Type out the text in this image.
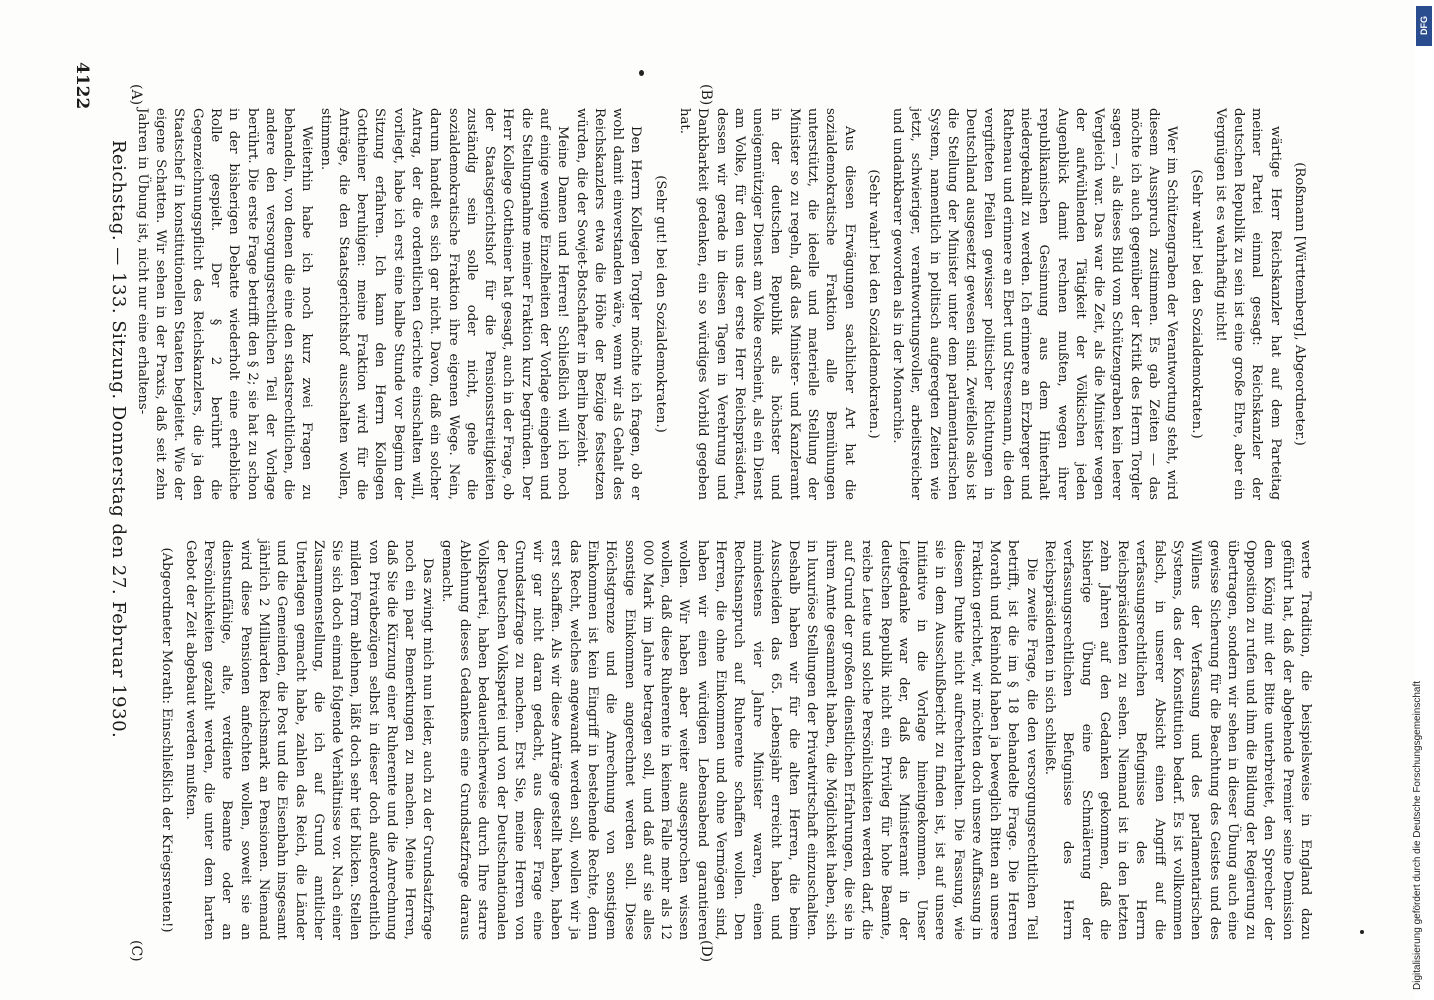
4122

(Roßmann [Württemberg], Abgeordneter.)

wärtige Herr Reichskanzler hat auf dem Parteitag meiner Partei einmal gesagt: Reichskanzler der deutschen Republik zu sein ist eine große Ehre, aber ein Vergnügen ist es wahrhaftig nicht!

(Sehr wahr! bei den Sozialdemokraten.)

Wer im Schützengraben der Verantwortung steht, wird diesem Ausspruch zustimmen. Es gab Zeiten — das möchte ich auch gegenüber der Kritik des Herrn Torgler sagen —, als dieses Bild vom Schützengraben kein leerer Vergleich war. Das war die Zeit, als die Minister wegen der aufwühlenden Tätigkeit der Völkischen jeden Augenblick damit rechnen mußten, wegen ihrer republikanischen Gesinnung aus dem Hinterhalt niedergeknallt zu werden. Ich erinnere an Erzberger und Rathenau und erinnere an Ebert und Stresemann, die den vergifteten Pfeilen gewisser politischer Richtungen in Deutschland ausgesetzt gewesen sind. Zweifellos also ist die Stellung der Minister unter dem parlamentarischen System, namentlich in politisch aufgeregten Zeiten wie jetzt, schwieriger, verantwortungsvoller, arbeitsreicher und undankbarer geworden als in der Monarchie.

(Sehr wahr! bei den Sozialdemokraten.)

Aus diesen Erwägungen sachlicher Art hat die sozialdemokratische Fraktion alle Bemühungen unterstützt, die ideelle und materielle Stellung der Minister so zu regeln, daß das Minister- und Kanzleramt in der deutschen Republik als höchster und uneigennütziger Dienst am Volke erscheint, als ein Dienst am Volke, für den uns der erste Herr Reichspräsident, dessen wir gerade in diesen Tagen in Verehrung und Dankbarkeit gedenken, ein so würdiges Vorbild gegeben hat.

(Sehr gut! bei den Sozialdemokraten.)

Den Herrn Kollegen Torgler möchte ich fragen, ob er wohl damit einverstanden wäre, wenn wir als Gehalt des Reichskanzlers etwa die Höhe der Bezüge festsetzen würden, die der Sowjet-Botschafter in Berlin bezieht.

Meine Damen und Herren! Schließlich will ich noch auf einige wenige Einzelheiten der Vorlage eingehen und die Stellungnahme meiner Fraktion kurz begründen. Der Herr Kollege Gottheiner hat gesagt, auch in der Frage, ob der Staatsgerichtshof für die Pensionsstreitigkeiten zuständig sein solle oder nicht, gehe die sozialdemokratische Fraktion ihre eigenen Wege. Nein, darum handelt es sich gar nicht. Davon, daß ein solcher Antrag, der die ordentlichen Gerichte einschalten will, vorliegt, habe ich erst eine halbe Stunde vor Beginn der Sitzung erfahren. Ich kann den Herrn Kollegen Gottheiner beruhigen: meine Fraktion wird für die Anträge, die den Staatsgerichtshof ausschalten wollen, stimmen.

Weiterhin habe ich noch kurz zwei Fragen zu behandeln, von denen die eine den staatsrechtlichen, die andere den versorgungsrechtlichen Teil der Vorlage berührt. Die erste Frage betrifft den § 2; sie hat zu schon in der bisherigen Debatte wiederholt eine erhebliche Rolle gespielt. Der § 2 berührt die Gegenzeichnungspflicht des Reichskanzlers, die ja den Staatschef in konstitutionellen Staaten begleitet. Wie der eigene Schatten. Wir sehen in der Praxis, daß seit zehn Jahren in Übung ist, nicht nur eine erhaltens-

werte Tradition, die beispielsweise in England dazu geführt hat, daß der abgehende Premier seine Demission dem König mit der Bitte unterbreitet, den Sprecher der Opposition zu rufen und ihm die Bildung der Regierung zu übertragen, sondern wir sehen in dieser Übung auch eine gewisse Sicherung für die Beachtung des Geistes und des Willens der Verfassung und des parlamentarischen Systems, das der Konstitution bedarf. Es ist vollkommen falsch, in unserer Absicht einen Angriff auf die verfassungsrechtlichen Befugnisse des Herrn Reichspräsidenten zu sehen. Niemand ist in den letzten zehn Jahren auf den Gedanken gekommen, daß die bisherige Übung eine Schmälerung der verfassungsrechtlichen Befugnisse des Herrn Reichspräsidenten in sich schließt.

Die zweite Frage, die den versorgungsrechtlichen Teil betrifft, ist die im § 18 behandelte Frage. Die Herren Morath und Reinhold haben ja beweglich Bitten an unsere Fraktion gerichtet, wir möchten doch unsere Auffassung in diesem Punkte nicht aufrechterhalten. Die Fassung, wie sie in dem Ausschußbericht zu finden ist, ist auf unsere Initiative in die Vorlage hineingekommen. Unser Leitgedanke war der, daß das Ministeramt in der deutschen Republik nicht ein Privileg für hohe Beamte, reiche Leute und solche Persönlichkeiten werden darf, die auf Grund der großen dienstlichen Erfahrungen, die sie in ihrem Amte gesammelt haben, die Möglichkeit haben, sich in luxuriöse Stellungen der Privatwirtschaft einzuschalten. Deshalb haben wir für die alten Herren, die beim Ausscheiden das 65. Lebensjahr erreicht haben und mindestens vier Jahre Minister waren, einen Rechtsanspruch auf Ruherente schaffen wollen. Den Herren, die ohne Einkommen und ohne Vermögen sind, haben wir einen würdigen Lebensabend garantieren wollen. Wir haben aber weiter ausgesprochen wissen wollen, daß diese Ruherente in keinem Falle mehr als 12 000 Mark im Jahre betragen soll, und daß auf sie alles sonstige Einkommen angerechnet werden soll. Diese Höchstgrenze und die Anrechnung von sonstigem Einkommen ist kein Eingriff in bestehende Rechte, denn das Recht, welches angewandt werden soll, wollen wir ja erst schaffen. Als wir diese Anträge gestellt haben, haben wir gar nicht daran gedacht, aus dieser Frage eine Grundsatzfrage zu machen. Erst Sie, meine Herren von der Deutschen Volkspartei und von der Deutschnationalen Volkspartei, haben bedauerlicherweise durch Ihre starre Ablehnung dieses Gedankens eine Grundsatzfrage daraus gemacht.

Das zwingt mich nun leider, auch zu der Grundsatzfrage noch ein paar Bemerkungen zu machen. Meine Herren, daß Sie die Kürzung einer Ruherente und die Anrechnung von Privatbezügen selbst in dieser doch außerordentlich milden Form ablehnen, läßt doch sehr tief blicken. Stellen Sie sich doch einmal folgende Verhältnisse vor. Nach einer Zusammenstellung, die ich auf Grund amtlicher Unterlagen gemacht habe, zahlen das Reich, die Länder und die Gemeinden, die Post und die Eisenbahn insgesamt jährlich 2 Milliarden Reichsmark an Pensionen. Niemand wird diese Pensionen anfechten wollen, soweit sie an dienstunfähige, alte, verdiente Beamte oder an Persönlichkeiten gezahlt werden, die unter dem harten Gebot der Zeit abgebaut werden mußten.

(Abgeordneter Morath: Einschließlich der Kriegsrenten!)

Reichstag. — 133. Sitzung. Donnerstag den 27. Februar 1930.
(A)	(B)
(C)	(D)
DFG
Digitalisierung gefördert durch die Deutsche Forschungsgemeinschaft
